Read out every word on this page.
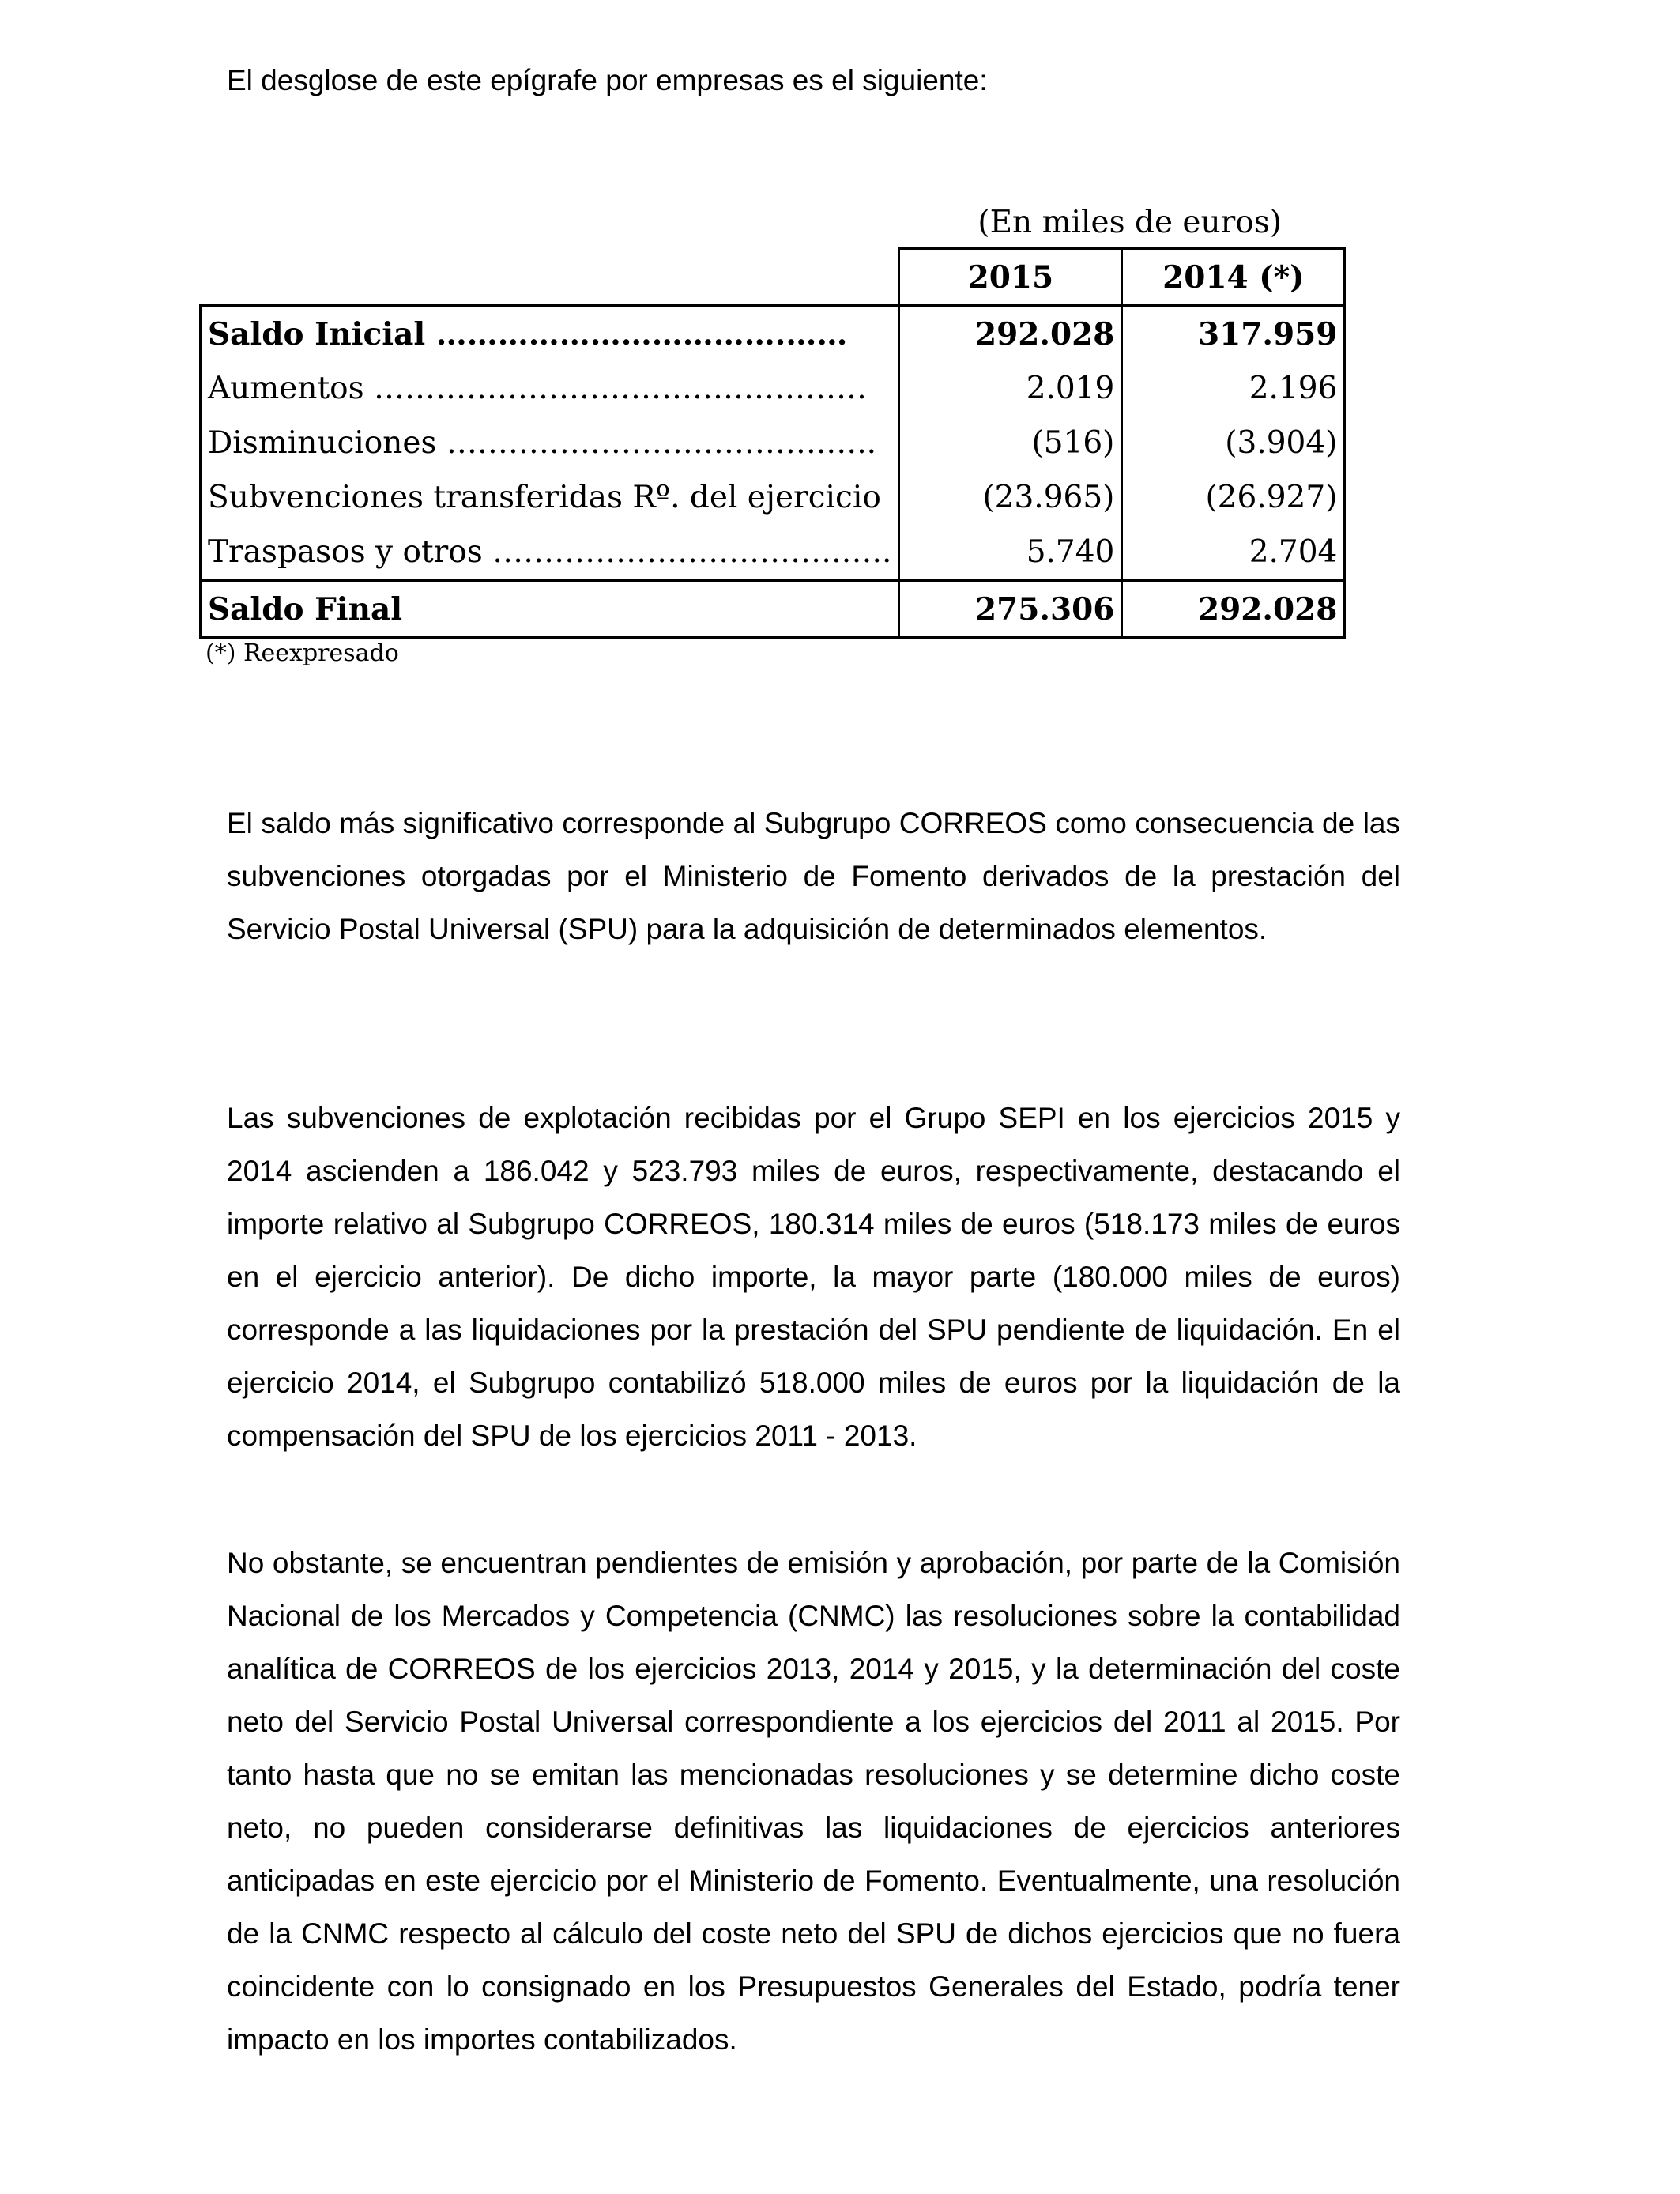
El desglose de este epígrafe por empresas es el siguiente:

(En miles de euros)
	2015	2014 (*)
Saldo Inicial …………………………….……	292.028	317.959
Aumentos …………………………………………	2.019	2.196
Disminuciones ……………………………….…..	(516)	(3.904)
Subvenciones transferidas Rº. del ejercicio	(23.965)	(26.927)
Traspasos y otros …………………………….…..	5.740	2.704
Saldo Final	275.306	292.028
(*) Reexpresado

El saldo más significativo corresponde al Subgrupo CORREOS como consecuencia de las subvenciones otorgadas por el Ministerio de Fomento derivados de la prestación del Servicio Postal Universal (SPU) para la adquisición de determinados elementos.

Las subvenciones de explotación recibidas por el Grupo SEPI en los ejercicios 2015 y 2014 ascienden a 186.042 y 523.793 miles de euros, respectivamente, destacando el importe relativo al Subgrupo CORREOS, 180.314 miles de euros (518.173 miles de euros en el ejercicio anterior). De dicho importe, la mayor parte (180.000 miles de euros) corresponde a las liquidaciones por la prestación del SPU pendiente de liquidación. En el ejercicio 2014, el Subgrupo contabilizó 518.000 miles de euros por la liquidación de la compensación del SPU de los ejercicios 2011 - 2013.

No obstante, se encuentran pendientes de emisión y aprobación, por parte de la Comisión Nacional de los Mercados y Competencia (CNMC) las resoluciones sobre la contabilidad analítica de CORREOS de los ejercicios 2013, 2014 y 2015, y la determinación del coste neto del Servicio Postal Universal correspondiente a los ejercicios del 2011 al 2015. Por tanto hasta que no se emitan las mencionadas resoluciones y se determine dicho coste neto, no pueden considerarse definitivas las liquidaciones de ejercicios anteriores anticipadas en este ejercicio por el Ministerio de Fomento. Eventualmente, una resolución de la CNMC respecto al cálculo del coste neto del SPU de dichos ejercicios que no fuera coincidente con lo consignado en los Presupuestos Generales del Estado, podría tener impacto en los importes contabilizados.
